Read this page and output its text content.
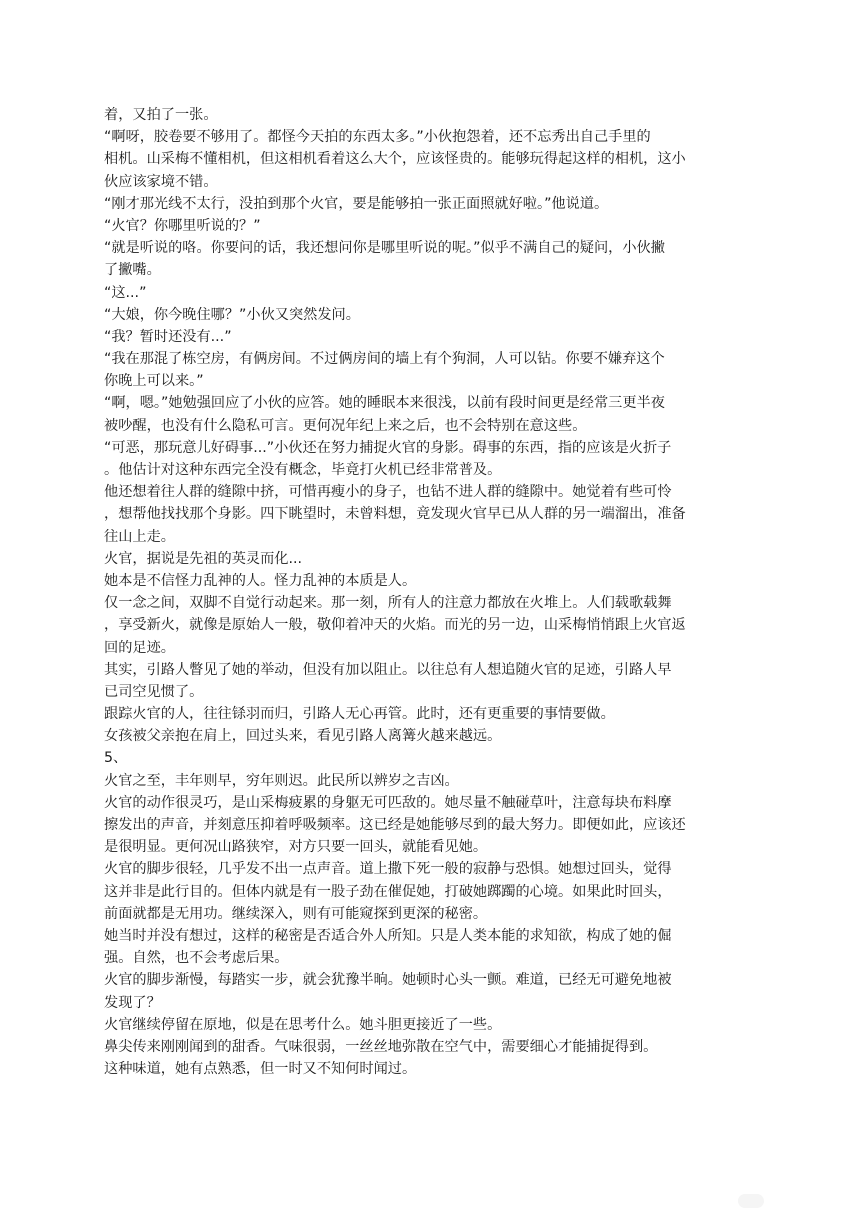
着，又拍了一张。
“啊呀，胶卷要不够用了。都怪今天拍的东西太多。”小伙抱怨着，还不忘秀出自己手里的
相机。山采梅不懂相机，但这相机看着这么大个，应该怪贵的。能够玩得起这样的相机，这小
伙应该家境不错。
“刚才那光线不太行，没拍到那个火官，要是能够拍一张正面照就好啦。”他说道。
“火官？你哪里听说的？”
“就是听说的咯。你要问的话，我还想问你是哪里听说的呢。”似乎不满自己的疑问，小伙撇
了撇嘴。
“这...”
“大娘，你今晚住哪？”小伙又突然发问。
“我？暂时还没有...”
“我在那混了栋空房，有俩房间。不过俩房间的墙上有个狗洞，人可以钻。你要不嫌弃这个
你晚上可以来。”
“啊，嗯。”她勉强回应了小伙的应答。她的睡眠本来很浅，以前有段时间更是经常三更半夜
被吵醒，也没有什么隐私可言。更何况年纪上来之后，也不会特别在意这些。
“可恶，那玩意儿好碍事...”小伙还在努力捕捉火官的身影。碍事的东西，指的应该是火折子
。他估计对这种东西完全没有概念，毕竟打火机已经非常普及。
他还想着往人群的缝隙中挤，可惜再瘦小的身子，也钻不进人群的缝隙中。她觉着有些可怜
，想帮他找找那个身影。四下眺望时，未曾料想，竟发现火官早已从人群的另一端溜出，准备
往山上走。
火官，据说是先祖的英灵而化...
她本是不信怪力乱神的人。怪力乱神的本质是人。
仅一念之间，双脚不自觉行动起来。那一刻，所有人的注意力都放在火堆上。人们载歌载舞
，享受新火，就像是原始人一般，敬仰着冲天的火焰。而光的另一边，山采梅悄悄跟上火官返
回的足迹。
其实，引路人瞥见了她的举动，但没有加以阻止。以往总有人想追随火官的足迹，引路人早
已司空见惯了。
跟踪火官的人，往往铩羽而归，引路人无心再管。此时，还有更重要的事情要做。
女孩被父亲抱在肩上，回过头来，看见引路人离篝火越来越远。
5、
火官之至，丰年则早，穷年则迟。此民所以辨岁之吉凶。
火官的动作很灵巧，是山采梅疲累的身躯无可匹敌的。她尽量不触碰草叶，注意每块布料摩
擦发出的声音，并刻意压抑着呼吸频率。这已经是她能够尽到的最大努力。即便如此，应该还
是很明显。更何况山路狭窄，对方只要一回头，就能看见她。
火官的脚步很轻，几乎发不出一点声音。道上撒下死一般的寂静与恐惧。她想过回头，觉得
这并非是此行目的。但体内就是有一股子劲在催促她，打破她踯躅的心境。如果此时回头，
前面就都是无用功。继续深入，则有可能窥探到更深的秘密。
她当时并没有想过，这样的秘密是否适合外人所知。只是人类本能的求知欲，构成了她的倔
强。自然，也不会考虑后果。
火官的脚步渐慢，每踏实一步，就会犹豫半晌。她顿时心头一颤。难道，已经无可避免地被
发现了？
火官继续停留在原地，似是在思考什么。她斗胆更接近了一些。
鼻尖传来刚刚闻到的甜香。气味很弱，一丝丝地弥散在空气中，需要细心才能捕捉得到。
这种味道，她有点熟悉，但一时又不知何时闻过。
